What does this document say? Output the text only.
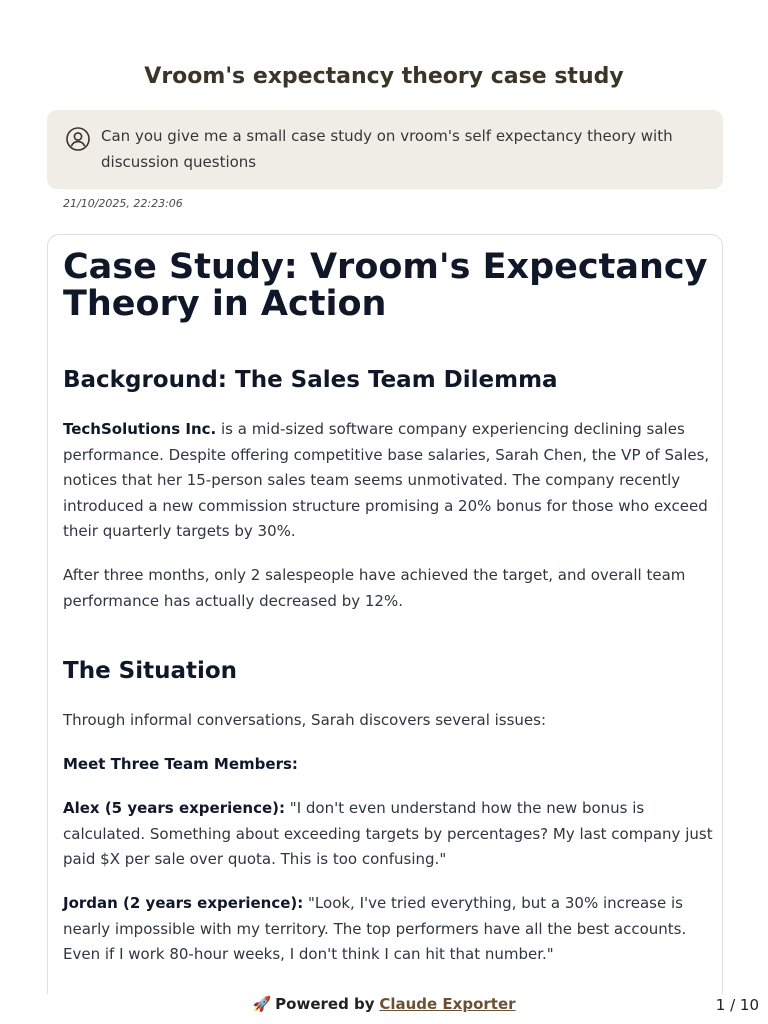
Vroom's expectancy theory case study
Can you give me a small case study on vroom's self expectancy theory with discussion questions
21/10/2025, 22:23:06
Case Study: Vroom's Expectancy Theory in Action
Background: The Sales Team Dilemma

TechSolutions Inc. is a mid-sized software company experiencing declining sales performance. Despite offering competitive base salaries, Sarah Chen, the VP of Sales, notices that her 15-person sales team seems unmotivated. The company recently introduced a new commission structure promising a 20% bonus for those who exceed their quarterly targets by 30%.

After three months, only 2 salespeople have achieved the target, and overall team performance has actually decreased by 12%.

The Situation

Through informal conversations, Sarah discovers several issues:

Meet Three Team Members:

Alex (5 years experience): "I don't even understand how the new bonus is calculated. Something about exceeding targets by percentages? My last company just paid $X per sale over quota. This is too confusing."

Jordan (2 years experience): "Look, I've tried everything, but a 30% increase is nearly impossible with my territory. The top performers have all the best accounts. Even if I work 80-hour weeks, I don't think I can hit that number."

🚀 Powered by Claude Exporter	1 / 10
